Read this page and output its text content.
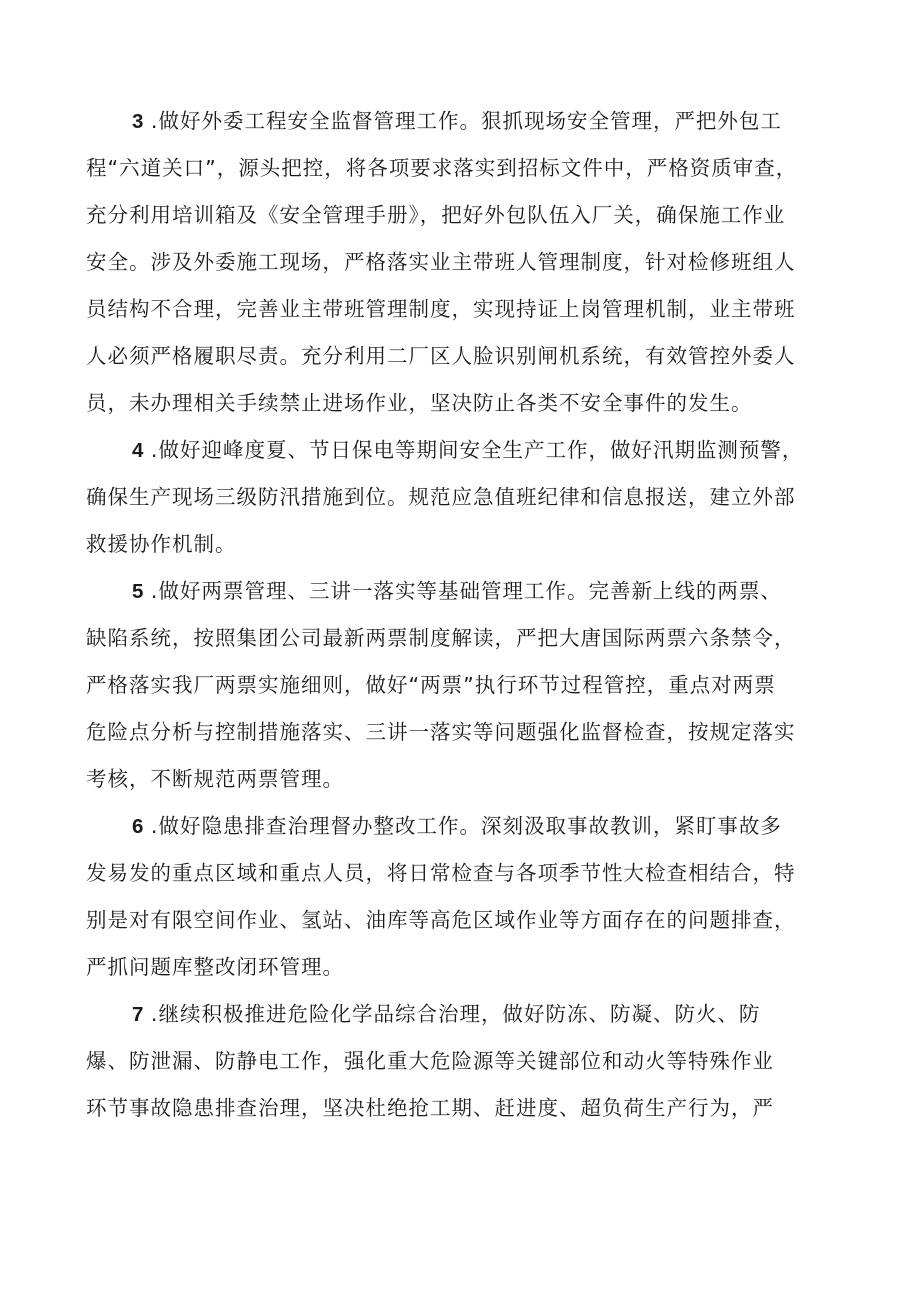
3 .做好外委工程安全监督管理工作。狠抓现场安全管理，严把外包工
程“六道关口”，源头把控，将各项要求落实到招标文件中，严格资质审查，
充分利用培训箱及《安全管理手册》，把好外包队伍入厂关，确保施工作业
安全。涉及外委施工现场，严格落实业主带班人管理制度，针对检修班组人
员结构不合理，完善业主带班管理制度，实现持证上岗管理机制，业主带班
人必须严格履职尽责。充分利用二厂区人脸识别闸机系统，有效管控外委人
员，未办理相关手续禁止进场作业，坚决防止各类不安全事件的发生。
4 .做好迎峰度夏、节日保电等期间安全生产工作，做好汛期监测预警，
确保生产现场三级防汛措施到位。规范应急值班纪律和信息报送，建立外部
救援协作机制。
5 .做好两票管理、三讲一落实等基础管理工作。完善新上线的两票、
缺陷系统，按照集团公司最新两票制度解读，严把大唐国际两票六条禁令，
严格落实我厂两票实施细则，做好“两票”执行环节过程管控，重点对两票
危险点分析与控制措施落实、三讲一落实等问题强化监督检查，按规定落实
考核，不断规范两票管理。
6 .做好隐患排查治理督办整改工作。深刻汲取事故教训，紧盯事故多
发易发的重点区域和重点人员，将日常检查与各项季节性大检查相结合，特
别是对有限空间作业、氢站、油库等高危区域作业等方面存在的问题排查，
严抓问题库整改闭环管理。
7 .继续积极推进危险化学品综合治理，做好防冻、防凝、防火、防
爆、防泄漏、防静电工作，强化重大危险源等关键部位和动火等特殊作业
环节事故隐患排查治理，坚决杜绝抢工期、赶进度、超负荷生产行为，严
